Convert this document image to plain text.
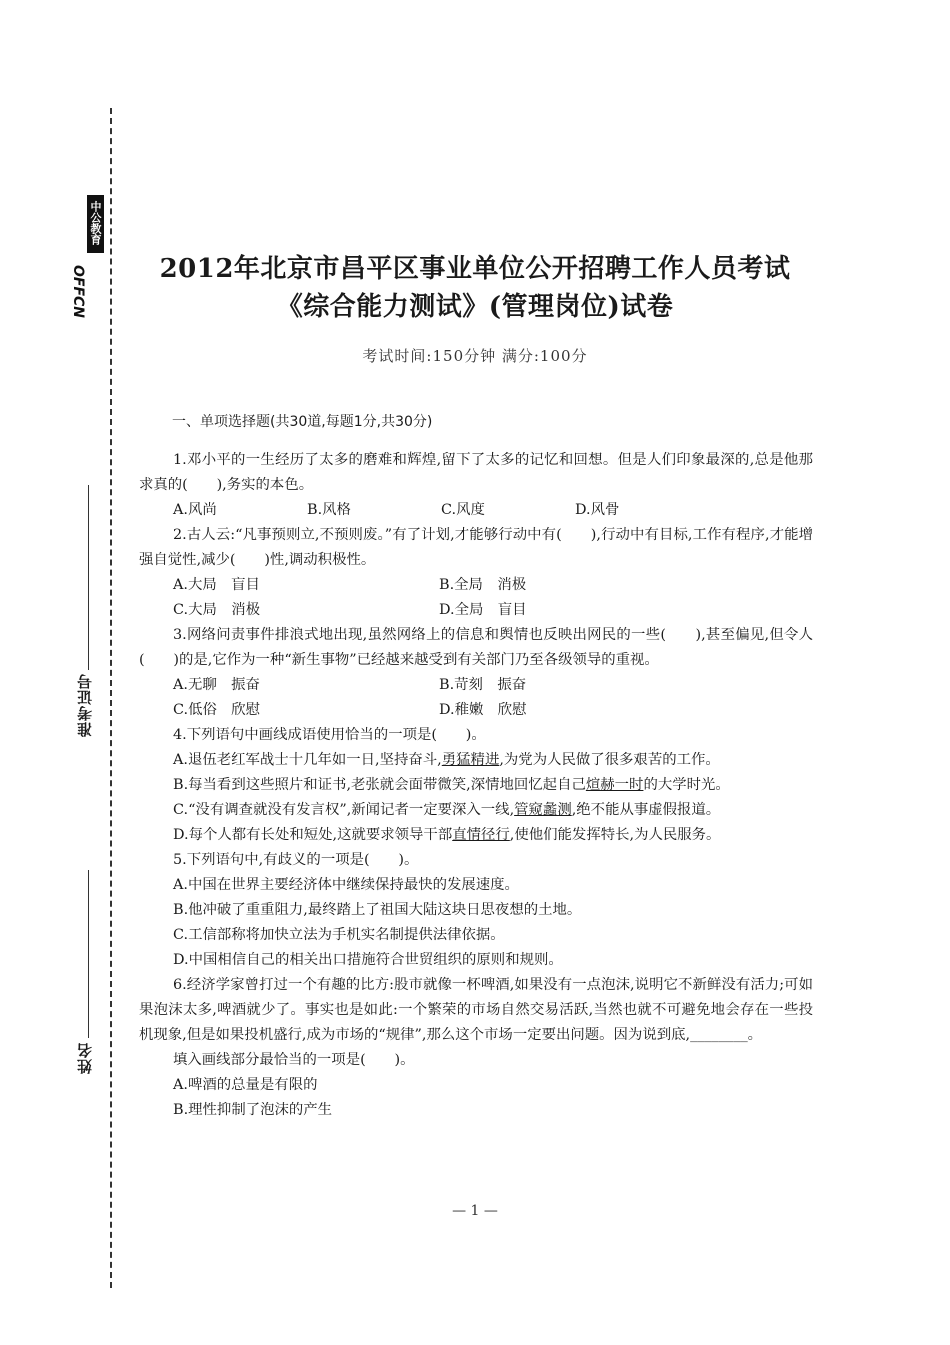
中公教育
OFFCN
准考证号
姓名
2012年北京市昌平区事业单位公开招聘工作人员考试
《综合能力测试》(管理岗位)试卷
考试时间:150分钟 满分:100分
一、单项选择题(共30道,每题1分,共30分)

1.邓小平的一生经历了太多的磨难和辉煌,留下了太多的记忆和回想。但是人们印象最深的,总是他那求真的(　　),务实的本色。

A.风尚	B.风格	C.风度	D.风骨

2.古人云:“凡事预则立,不预则废。”有了计划,才能够行动中有(　　),行动中有目标,工作有程序,才能增强自觉性,减少(　　)性,调动积极性。

A.大局　盲目	B.全局　消极
C.大局　消极	D.全局　盲目

3.网络问责事件排浪式地出现,虽然网络上的信息和舆情也反映出网民的一些(　　),甚至偏见,但令人(　　)的是,它作为一种“新生事物”已经越来越受到有关部门乃至各级领导的重视。

A.无聊　振奋	B.苛刻　振奋
C.低俗　欣慰	D.稚嫩　欣慰

4.下列语句中画线成语使用恰当的一项是(　　)。

A.退伍老红军战士十几年如一日,坚持奋斗,勇猛精进,为党为人民做了很多艰苦的工作。

B.每当看到这些照片和证书,老张就会面带微笑,深情地回忆起自己煊赫一时的大学时光。

C.“没有调查就没有发言权”,新闻记者一定要深入一线,管窥蠡测,绝不能从事虚假报道。

D.每个人都有长处和短处,这就要求领导干部直情径行,使他们能发挥特长,为人民服务。

5.下列语句中,有歧义的一项是(　　)。

A.中国在世界主要经济体中继续保持最快的发展速度。

B.他冲破了重重阻力,最终踏上了祖国大陆这块日思夜想的土地。

C.工信部称将加快立法为手机实名制提供法律依据。

D.中国相信自己的相关出口措施符合世贸组织的原则和规则。

6.经济学家曾打过一个有趣的比方:股市就像一杯啤酒,如果没有一点泡沫,说明它不新鲜没有活力;可如果泡沫太多,啤酒就少了。事实也是如此:一个繁荣的市场自然交易活跃,当然也就不可避免地会存在一些投机现象,但是如果投机盛行,成为市场的“规律”,那么这个市场一定要出问题。因为说到底,________。

填入画线部分最恰当的一项是(　　)。

A.啤酒的总量是有限的

B.理性抑制了泡沫的产生

— 1 —
